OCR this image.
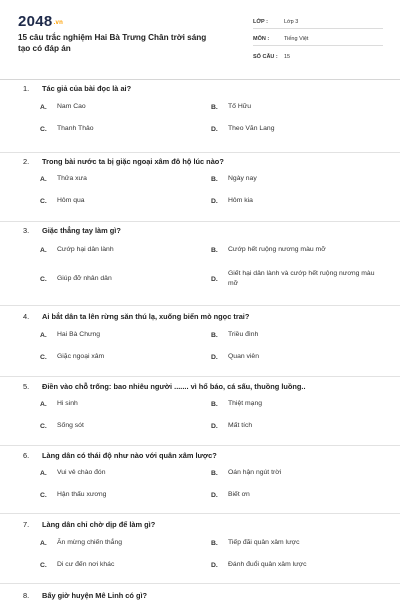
$2048^{.vn}$
15 câu trắc nghiệm Hai Bà Trưng Chân trời sáng tạo có đáp án
LỚP :	Lớp 3
MÔN :	Tiếng Việt
SỐ CÂU :	15
1.	Tác giả của bài đọc là ai?
A.	Nam Cao	B.	Tố Hữu
C.	Thanh Thảo	D.	Theo Văn Lang
2.	Trong bài nước ta bị giặc ngoại xâm đô hộ lúc nào?
A.	Thửa xưa	B.	Ngày nay
C.	Hôm qua	D.	Hôm kia
3.	Giặc thẳng tay làm gì?
A.	Cướp hại dân lành	B.	Cướp hết ruộng nương màu mỡ
C.	Giúp đỡ nhân dân	D.
Giết hại dân lành và cướp hết ruộng nương màu mỡ
4.	Ai bắt dân ta lên rừng săn thú lạ, xuống biển mò ngọc trai?
A.	Hai Bà Chưng	B.	Triều đình
C.	Giặc ngoại xâm	D.	Quan viên
5.	Điền vào chỗ trống: bao nhiêu người ....... vì hổ báo, cá sấu, thuồng luồng..
A.	Hi sinh	B.	Thiệt mạng
C.	Sống sót	D.	Mất tích
6.	Làng dân có thái độ như nào với quân xâm lược?
A.	Vui vẻ chào đón	B.	Oán hận ngút trời
C.	Hận thấu xương	D.	Biết ơn
7.	Làng dân chỉ chờ dịp để làm gì?
A.	Ăn mừng chiến thắng	B.	Tiếp đãi quân xâm lược
C.	Di cư đến nơi khác	D.	Đánh đuổi quân xâm lược
8.	Bấy giờ huyện Mê Linh có gì?
